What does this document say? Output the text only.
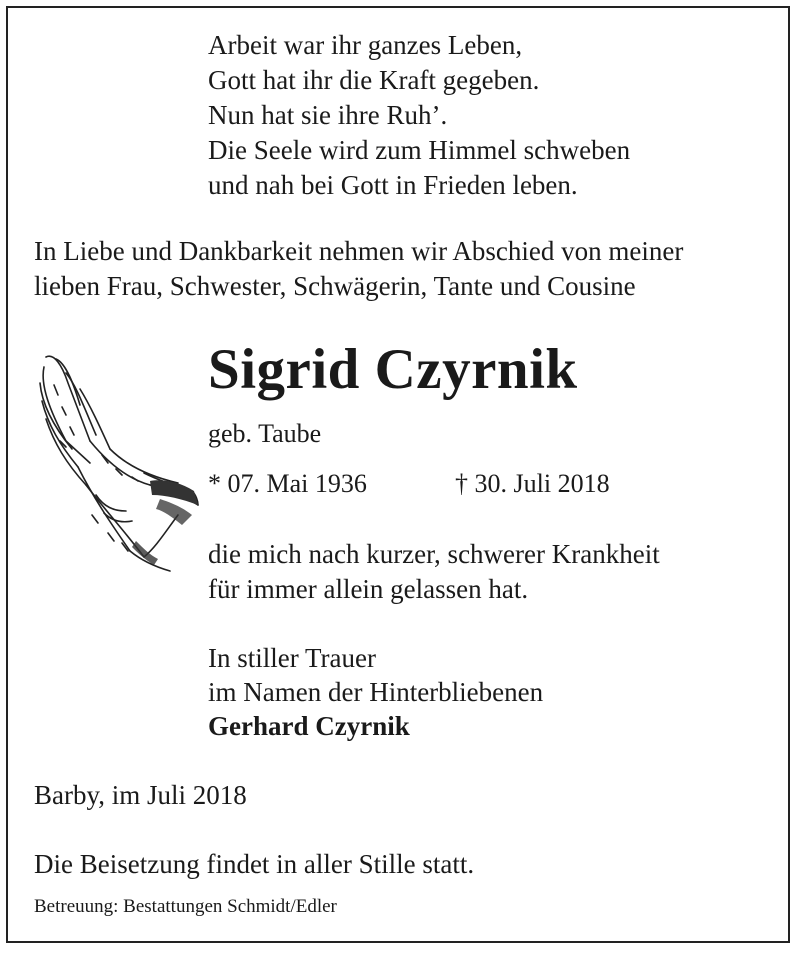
Arbeit war ihr ganzes Leben,
Gott hat ihr die Kraft gegeben.
Nun hat sie ihre Ruh’.
Die Seele wird zum Himmel schweben
und nah bei Gott in Frieden leben.
In Liebe und Dankbarkeit nehmen wir Abschied von meiner
lieben Frau, Schwester, Schwägerin, Tante und Cousine
Sigrid Czyrnik
geb. Taube
* 07. Mai 1936	† 30. Juli 2018
die mich nach kurzer, schwerer Krankheit
für immer allein gelassen hat.
In stiller Trauer
im Namen der Hinterbliebenen
Gerhard Czyrnik
Barby, im Juli 2018
Die Beisetzung findet in aller Stille statt.
Betreuung: Bestattungen Schmidt/Edler
